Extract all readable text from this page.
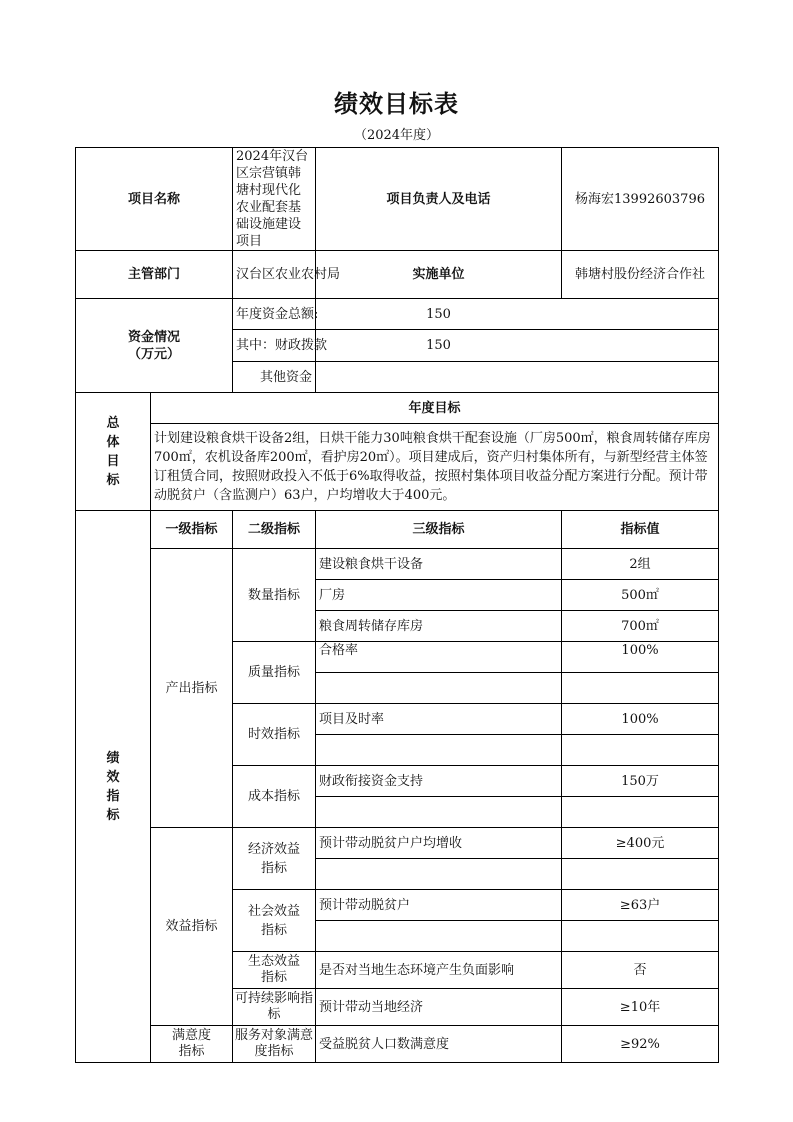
绩效目标表
（2024年度）
项目名称		2024年汉台区宗营镇韩塘村现代化农业配套基础设施建设项目	项目负责人及电话	杨海宏13992603796
主管部门		汉台区农业农村局	实施单位	韩塘村股份经济合作社
资金情况
（万元）		年度资金总额:	150	
		其中：财政拨款	150	
		其他资金		

总
体
目
标	年度目标			
	计划建设粮食烘干设备2组，日烘干能力30吨粮食烘干配套设施（厂房500㎡，粮食周转储存库房700㎡，农机设备库200㎡，看护房20㎡）。项目建成后，资产归村集体所有，与新型经营主体签订租赁合同，按照财政投入不低于6%取得收益，按照村集体项目收益分配方案进行分配。预计带动脱贫户（含监测户）63户，户均增收大于400元。			

绩
效
指
标	一级指标	二级指标	三级指标	指标值
	产出指标	数量指标	建设粮食烘干设备	2组
			厂房	500㎡
			粮食周转储存库房	700㎡
		质量指标	合格率	100%

		时效指标	项目及时率	100%

		成本指标	财政衔接资金支持	150万

	效益指标	经济效益指标	预计带动脱贫户户均增收	≥400元

		社会效益指标	预计带动脱贫户	≥63户

		生态效益指标	是否对当地生态环境产生负面影响	否
		可持续影响指标	预计带动当地经济	≥10年
	满意度指标	服务对象满意度指标	受益脱贫人口数满意度	≥92%
